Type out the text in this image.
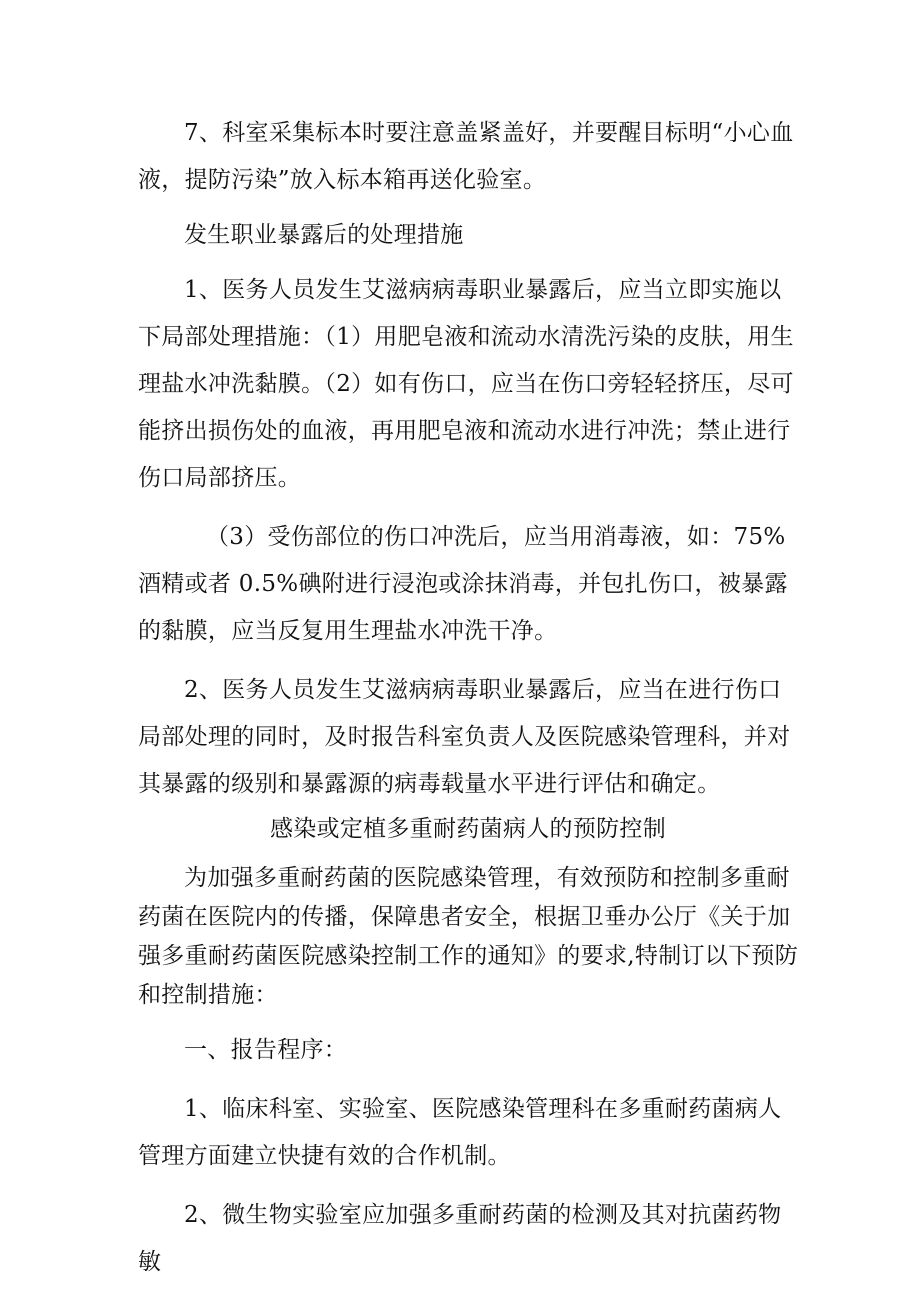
7、科室采集标本时要注意盖紧盖好，并要醒目标明“小心血液，提防污染”放入标本箱再送化验室。

发生职业暴露后的处理措施

1、医务人员发生艾滋病病毒职业暴露后，应当立即实施以下局部处理措施：（1）用肥皂液和流动水清洗污染的皮肤，用生理盐水冲洗黏膜。（2）如有伤口，应当在伤口旁轻轻挤压，尽可能挤出损伤处的血液，再用肥皂液和流动水进行冲洗；禁止进行伤口局部挤压。

（3）受伤部位的伤口冲洗后，应当用消毒液，如：75%酒精或者 0.5%碘附进行浸泡或涂抹消毒，并包扎伤口，被暴露的黏膜，应当反复用生理盐水冲洗干净。

2、医务人员发生艾滋病病毒职业暴露后，应当在进行伤口局部处理的同时，及时报告科室负责人及医院感染管理科，并对其暴露的级别和暴露源的病毒载量水平进行评估和确定。

感染或定植多重耐药菌病人的预防控制

为加强多重耐药菌的医院感染管理，有效预防和控制多重耐药菌在医院内的传播，保障患者安全，根据卫垂办公厅《关于加强多重耐药菌医院感染控制工作的通知》的要求,特制订以下预防和控制措施：

一、报告程序：

1、临床科室、实验室、医院感染管理科在多重耐药菌病人管理方面建立快捷有效的合作机制。

2、微生物实验室应加强多重耐药菌的检测及其对抗菌药物敏
